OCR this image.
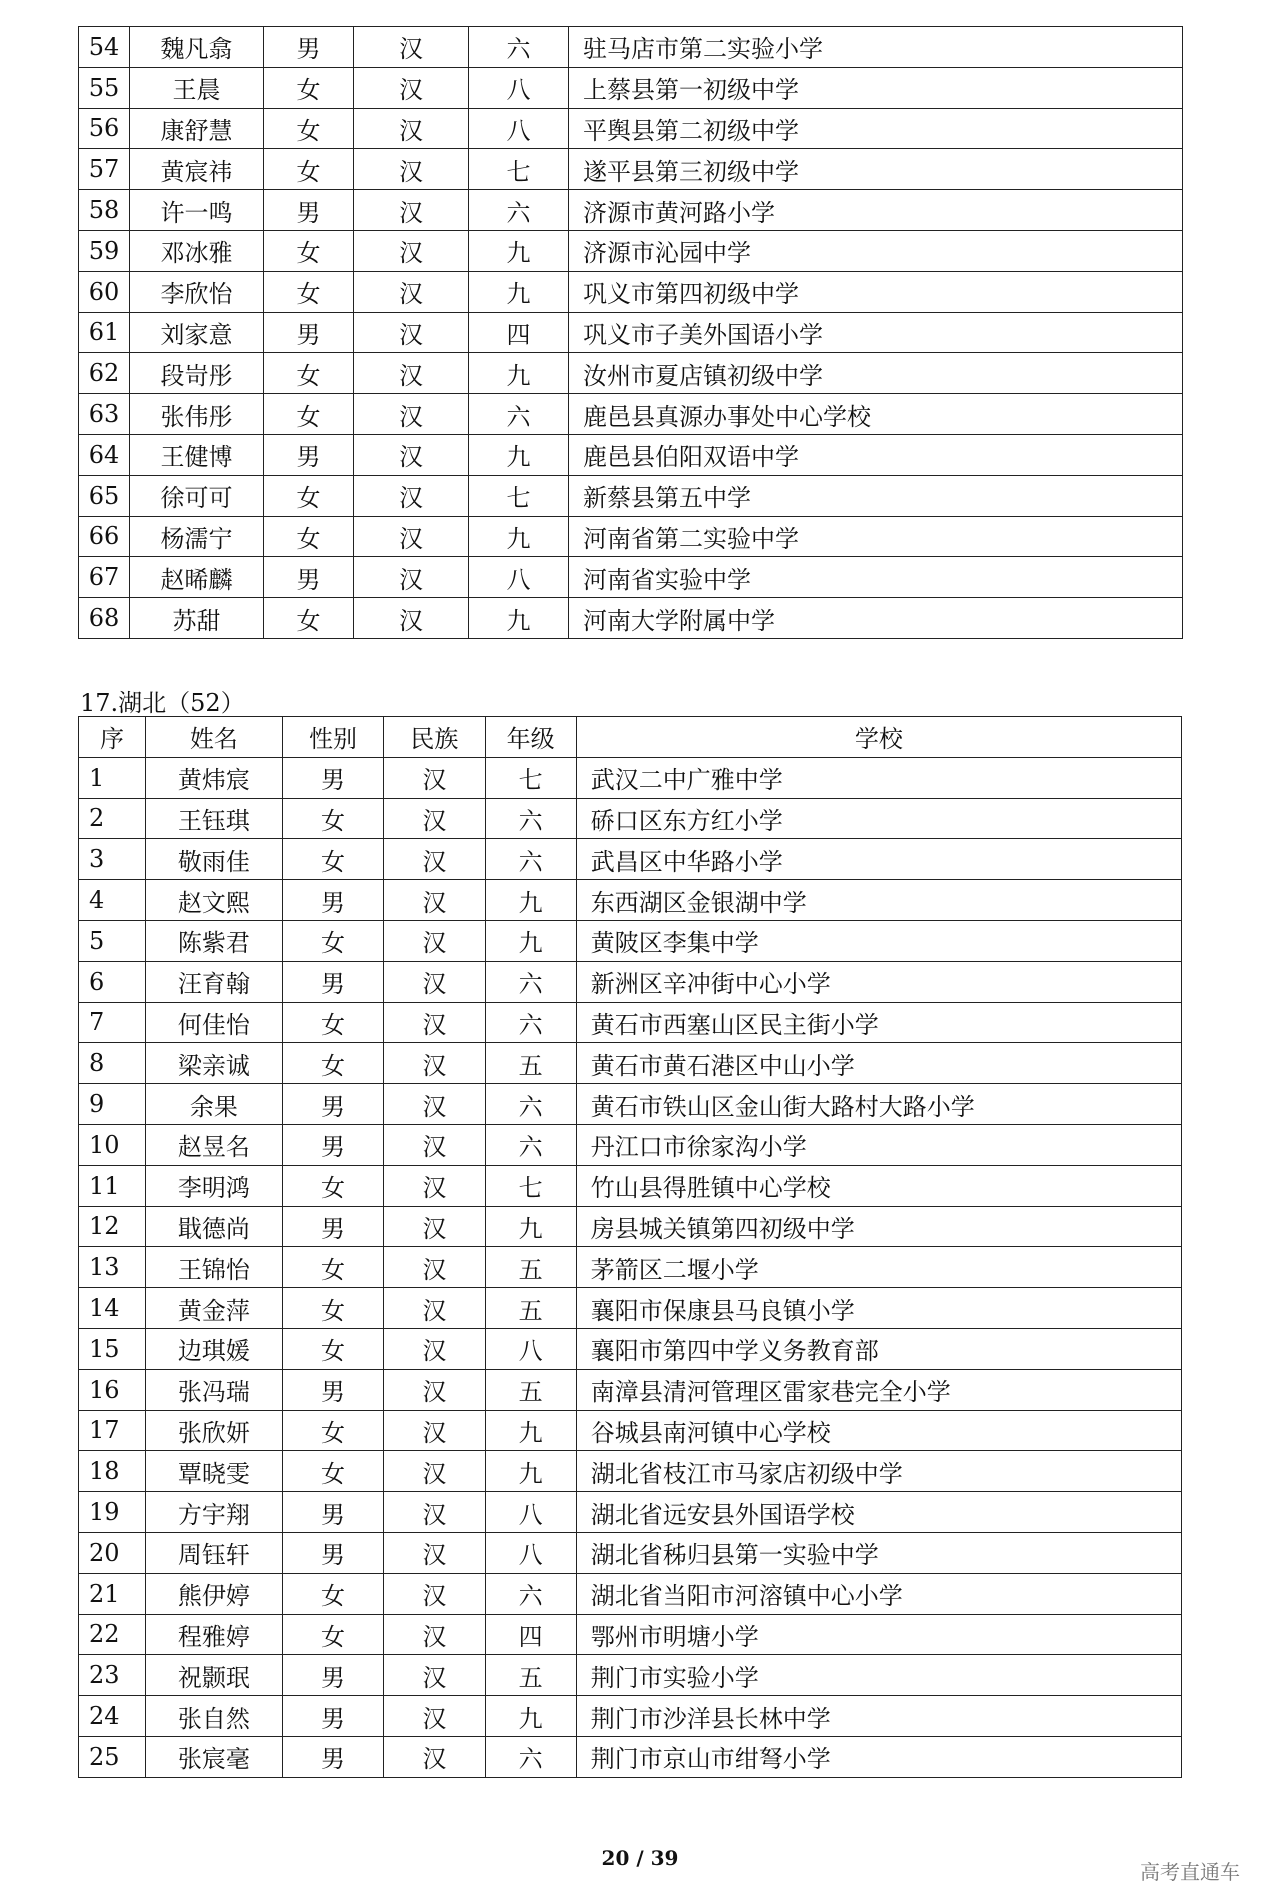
54	魏凡翕	男	汉	六	驻马店市第二实验小学
55	王晨	女	汉	八	上蔡县第一初级中学
56	康舒慧	女	汉	八	平舆县第二初级中学
57	黄宸祎	女	汉	七	遂平县第三初级中学
58	许一鸣	男	汉	六	济源市黄河路小学
59	邓冰雅	女	汉	九	济源市沁园中学
60	李欣怡	女	汉	九	巩义市第四初级中学
61	刘家意	男	汉	四	巩义市子美外国语小学
62	段岢彤	女	汉	九	汝州市夏店镇初级中学
63	张伟彤	女	汉	六	鹿邑县真源办事处中心学校
64	王健博	男	汉	九	鹿邑县伯阳双语中学
65	徐可可	女	汉	七	新蔡县第五中学
66	杨濡宁	女	汉	九	河南省第二实验中学
67	赵晞麟	男	汉	八	河南省实验中学
68	苏甜	女	汉	九	河南大学附属中学
17.湖北（52）
序	姓名	性别	民族	年级	学校
1	黄炜宸	男	汉	七	武汉二中广雅中学
2	王钰琪	女	汉	六	硚口区东方红小学
3	敬雨佳	女	汉	六	武昌区中华路小学
4	赵文熙	男	汉	九	东西湖区金银湖中学
5	陈紫君	女	汉	九	黄陂区李集中学
6	汪育翰	男	汉	六	新洲区辛冲街中心小学
7	何佳怡	女	汉	六	黄石市西塞山区民主街小学
8	梁亲诚	女	汉	五	黄石市黄石港区中山小学
9	余果	男	汉	六	黄石市铁山区金山街大路村大路小学
10	赵昱名	男	汉	六	丹江口市徐家沟小学
11	李明鸿	女	汉	七	竹山县得胜镇中心学校
12	戢德尚	男	汉	九	房县城关镇第四初级中学
13	王锦怡	女	汉	五	茅箭区二堰小学
14	黄金萍	女	汉	五	襄阳市保康县马良镇小学
15	边琪媛	女	汉	八	襄阳市第四中学义务教育部
16	张冯瑞	男	汉	五	南漳县清河管理区雷家巷完全小学
17	张欣妍	女	汉	九	谷城县南河镇中心学校
18	覃晓雯	女	汉	九	湖北省枝江市马家店初级中学
19	方宇翔	男	汉	八	湖北省远安县外国语学校
20	周钰轩	男	汉	八	湖北省秭归县第一实验中学
21	熊伊婷	女	汉	六	湖北省当阳市河溶镇中心小学
22	程雅婷	女	汉	四	鄂州市明塘小学
23	祝颢珉	男	汉	五	荆门市实验小学
24	张自然	男	汉	九	荆门市沙洋县长林中学
25	张宸毫	男	汉	六	荆门市京山市绀弩小学
20 / 39
高考直通车
